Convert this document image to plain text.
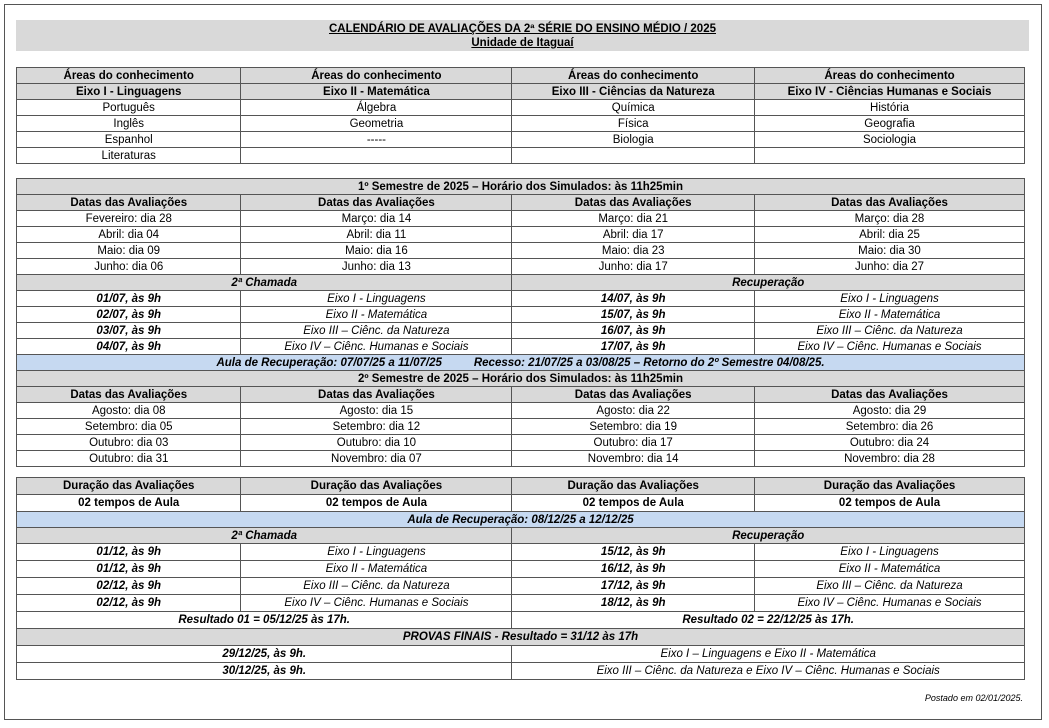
CALENDÁRIO DE AVALIAÇÕES DA 2ª SÉRIE DO ENSINO MÉDIO / 2025
Unidade de Itaguaí
Áreas do conhecimento	Áreas do conhecimento	Áreas do conhecimento	Áreas do conhecimento
Eixo I - Linguagens	Eixo II - Matemática	Eixo III - Ciências da Natureza	Eixo IV - Ciências Humanas e Sociais
Português	Álgebra	Química	História
Inglês	Geometria	Física	Geografia
Espanhol	-----	Biologia	Sociologia
Literaturas			
1º Semestre de 2025 – Horário dos Simulados: às 11h25min			
Datas das Avaliações	Datas das Avaliações	Datas das Avaliações	Datas das Avaliações
Fevereiro: dia 28	Março: dia 14	Março: dia 21	Março: dia 28
Abril: dia 04	Abril: dia 11	Abril: dia 17	Abril: dia 25
Maio: dia 09	Maio: dia 16	Maio: dia 23	Maio: dia 30
Junho: dia 06	Junho: dia 13	Junho: dia 17	Junho: dia 27
2ª Chamada		Recuperação	
01/07, às 9h	Eixo I - Linguagens	14/07, às 9h	Eixo I - Linguagens
02/07, às 9h	Eixo II - Matemática	15/07, às 9h	Eixo II - Matemática
03/07, às 9h	Eixo III – Ciênc. da Natureza	16/07, às 9h	Eixo III – Ciênc. da Natureza
04/07, às 9h	Eixo IV – Ciênc. Humanas e Sociais	17/07, às 9h	Eixo IV – Ciênc. Humanas e Sociais
Aula de Recuperação: 07/07/25 a 11/07/25          Recesso: 21/07/25 a 03/08/25 – Retorno do 2º Semestre 04/08/25.			
2º Semestre de 2025 – Horário dos Simulados: às 11h25min			
Datas das Avaliações	Datas das Avaliações	Datas das Avaliações	Datas das Avaliações
Agosto: dia 08	Agosto: dia 15	Agosto: dia 22	Agosto: dia 29
Setembro: dia 05	Setembro: dia 12	Setembro: dia 19	Setembro: dia 26
Outubro: dia 03	Outubro: dia 10	Outubro: dia 17	Outubro: dia 24
Outubro: dia 31	Novembro: dia 07	Novembro: dia 14	Novembro: dia 28
Duração das Avaliações	Duração das Avaliações	Duração das Avaliações	Duração das Avaliações
02 tempos de Aula	02 tempos de Aula	02 tempos de Aula	02 tempos de Aula
Aula de Recuperação: 08/12/25 a 12/12/25			
2ª Chamada		Recuperação	
01/12, às 9h	Eixo I - Linguagens	15/12, às 9h	Eixo I - Linguagens
01/12, às 9h	Eixo II - Matemática	16/12, às 9h	Eixo II - Matemática
02/12, às 9h	Eixo III – Ciênc. da Natureza	17/12, às 9h	Eixo III – Ciênc. da Natureza
02/12, às 9h	Eixo IV – Ciênc. Humanas e Sociais	18/12, às 9h	Eixo IV – Ciênc. Humanas e Sociais
Resultado 01 = 05/12/25 às 17h.		Resultado 02 = 22/12/25 às 17h.	
PROVAS FINAIS - Resultado = 31/12 às 17h			
29/12/25, às 9h.		Eixo I – Linguagens e Eixo II - Matemática	
30/12/25, às 9h.		Eixo III – Ciênc. da Natureza e Eixo IV – Ciênc. Humanas e Sociais	
Postado em 02/01/2025.
